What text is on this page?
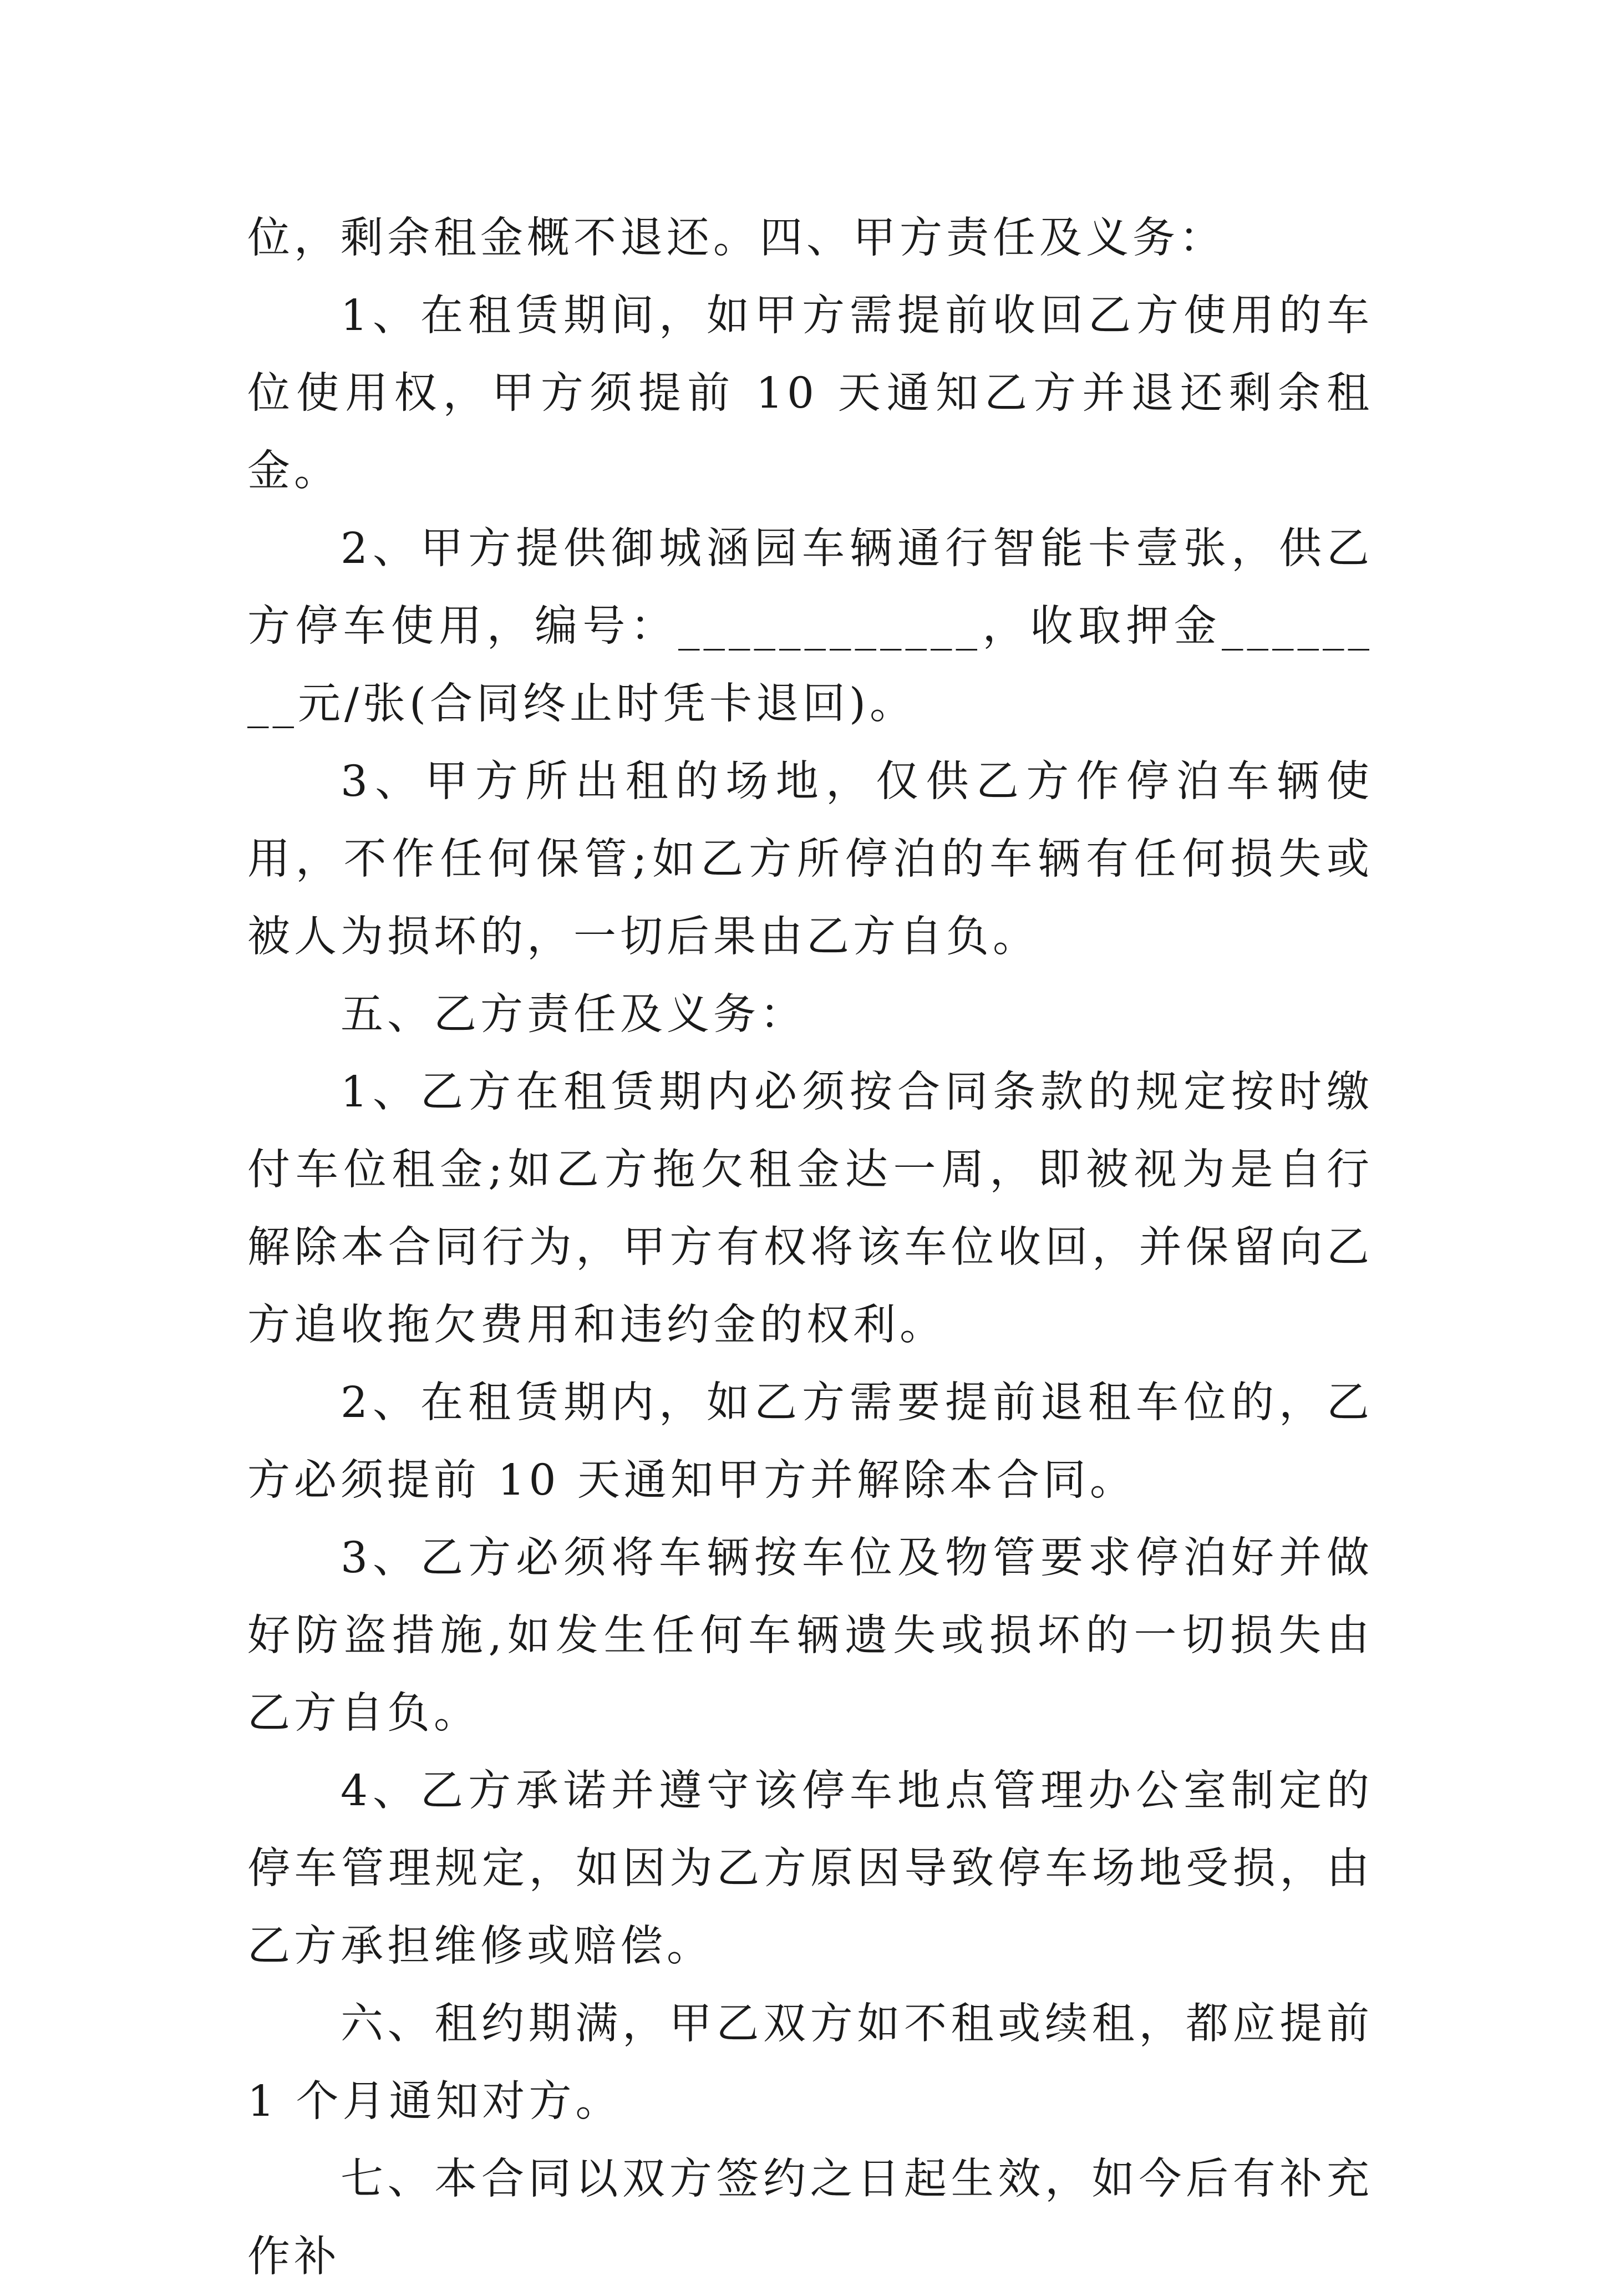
位，剩余租金概不退还。四、甲方责任及义务：

1、在租赁期间，如甲方需提前收回乙方使用的车位使用权，甲方须提前 10 天通知乙方并退还剩余租金。

2、甲方提供御城涵园车辆通行智能卡壹张，供乙方停车使用，编号：____________，收取押金________元/张(合同终止时凭卡退回)。

3、甲方所出租的场地，仅供乙方作停泊车辆使用，不作任何保管;如乙方所停泊的车辆有任何损失或被人为损坏的，一切后果由乙方自负。

五、乙方责任及义务：

1、乙方在租赁期内必须按合同条款的规定按时缴付车位租金;如乙方拖欠租金达一周，即被视为是自行解除本合同行为，甲方有权将该车位收回，并保留向乙方追收拖欠费用和违约金的权利。

2、在租赁期内，如乙方需要提前退租车位的，乙方必须提前 10 天通知甲方并解除本合同。

3、乙方必须将车辆按车位及物管要求停泊好并做好防盗措施,如发生任何车辆遗失或损坏的一切损失由乙方自负。

4、乙方承诺并遵守该停车地点管理办公室制定的停车管理规定，如因为乙方原因导致停车场地受损，由乙方承担维修或赔偿。

六、租约期满，甲乙双方如不租或续租，都应提前 1 个月通知对方。

七、本合同以双方签约之日起生效，如今后有补充作补
